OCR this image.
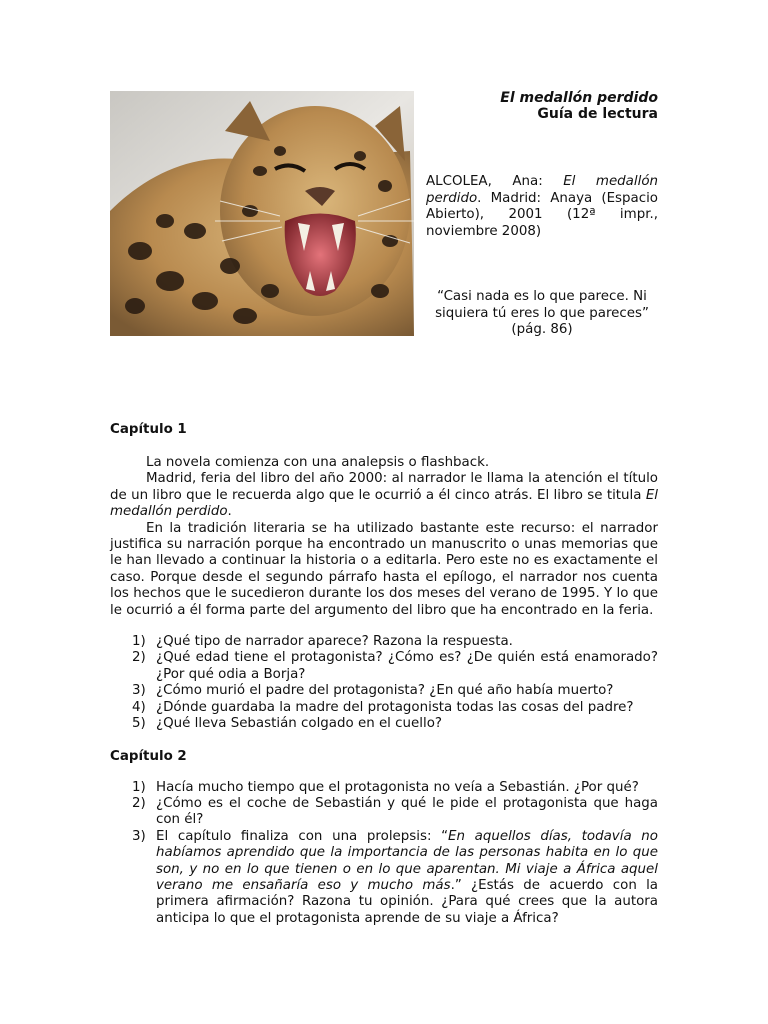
El medallón perdido
Guía de lectura
ALCOLEA, Ana: El medallón perdido. Madrid: Anaya (Espacio Abierto), 2001 (12ª impr., noviembre 2008)
“Casi nada es lo que parece. Ni siquiera tú eres lo que pareces”
(pág. 86)
Capítulo 1

La novela comienza con una analepsis o flashback.

Madrid, feria del libro del año 2000: al narrador le llama la atención el título de un libro que le recuerda algo que le ocurrió a él cinco atrás. El libro se titula El medallón perdido.

En la tradición literaria se ha utilizado bastante este recurso: el narrador justifica su narración porque ha encontrado un manuscrito o unas memorias que le han llevado a continuar la historia o a editarla. Pero este no es exactamente el caso. Porque desde el segundo párrafo hasta el epílogo, el narrador nos cuenta los hechos que le sucedieron durante los dos meses del verano de 1995. Y lo que le ocurrió a él forma parte del argumento del libro que ha encontrado en la feria.

1) ¿Qué tipo de narrador aparece? Razona la respuesta.
2) ¿Qué edad tiene el protagonista? ¿Cómo es? ¿De quién está enamorado? ¿Por qué odia a Borja?
3) ¿Cómo murió el padre del protagonista? ¿En qué año había muerto?
4) ¿Dónde guardaba la madre del protagonista todas las cosas del padre?
5) ¿Qué lleva Sebastián colgado en el cuello?
Capítulo 2
1) Hacía mucho tiempo que el protagonista no veía a Sebastián. ¿Por qué?
2) ¿Cómo es el coche de Sebastián y qué le pide el protagonista que haga con él?
3) El capítulo finaliza con una prolepsis: “En aquellos días, todavía no habíamos aprendido que la importancia de las personas habita en lo que son, y no en lo que tienen o en lo que aparentan. Mi viaje a África aquel verano me ensañaría eso y mucho más.” ¿Estás de acuerdo con la primera afirmación? Razona tu opinión. ¿Para qué crees que la autora anticipa lo que el protagonista aprende de su viaje a África?
